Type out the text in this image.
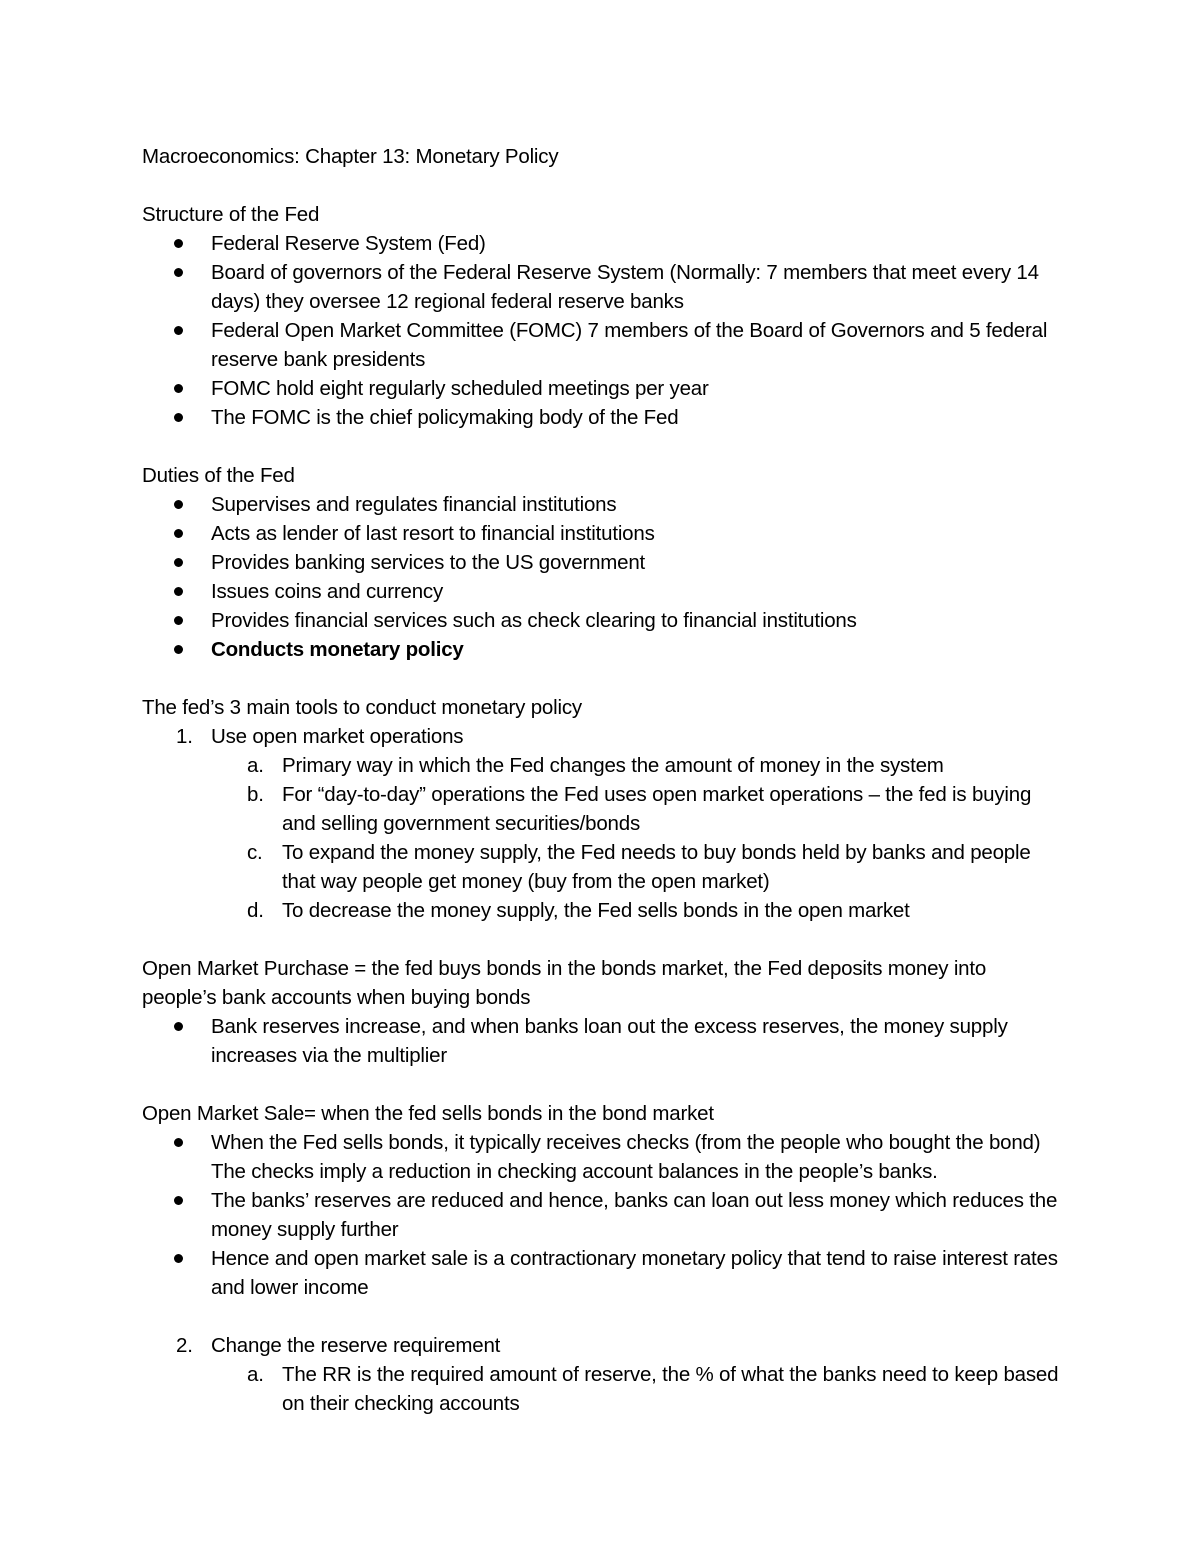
Macroeconomics: Chapter 13: Monetary Policy

Structure of the Fed

Federal Reserve System (Fed)
Board of governors of the Federal Reserve System (Normally: 7 members that meet every 14 days) they oversee 12 regional federal reserve banks
Federal Open Market Committee (FOMC) 7 members of the Board of Governors and 5 federal reserve bank presidents
FOMC hold eight regularly scheduled meetings per year
The FOMC is the chief policymaking body of the Fed

Duties of the Fed

Supervises and regulates financial institutions
Acts as lender of last resort to financial institutions
Provides banking services to the US government
Issues coins and currency
Provides financial services such as check clearing to financial institutions
Conducts monetary policy

The fed’s 3 main tools to conduct monetary policy

1. Use open market operations
a. Primary way in which the Fed changes the amount of money in the system
b. For “day-to-day” operations the Fed uses open market operations – the fed is buying and selling government securities/bonds
c. To expand the money supply, the Fed needs to buy bonds held by banks and people that way people get money (buy from the open market)
d. To decrease the money supply, the Fed sells bonds in the open market

Open Market Purchase = the fed buys bonds in the bonds market, the Fed deposits money into people’s bank accounts when buying bonds

Bank reserves increase, and when banks loan out the excess reserves, the money supply increases via the multiplier

Open Market Sale= when the fed sells bonds in the bond market

When the Fed sells bonds, it typically receives checks (from the people who bought the bond) The checks imply a reduction in checking account balances in the people’s banks.
The banks’ reserves are reduced and hence, banks can loan out less money which reduces the money supply further
Hence and open market sale is a contractionary monetary policy that tend to raise interest rates and lower income
2. Change the reserve requirement
a. The RR is the required amount of reserve, the % of what the banks need to keep based on their checking accounts
